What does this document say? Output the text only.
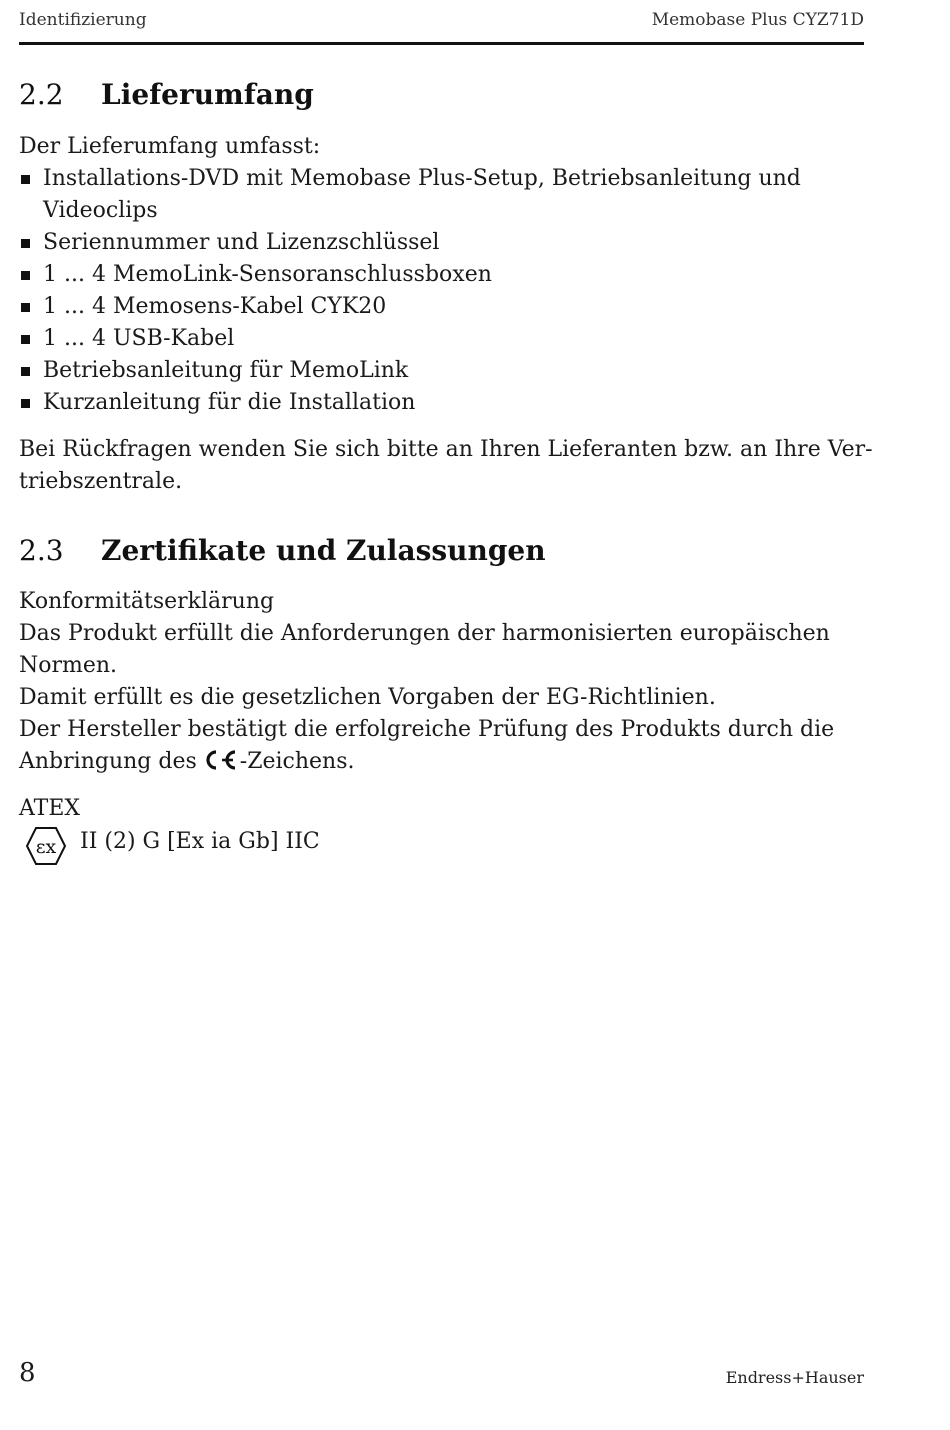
Identifizierung	Memobase Plus CYZ71D
2.2 Lieferumfang
Der Lieferumfang umfasst:
Installations-DVD mit Memobase Plus-Setup, Betriebsanleitung und
Videoclips
Seriennummer und Lizenzschlüssel
1 ... 4 MemoLink-Sensoranschlussboxen
1 ... 4 Memosens-Kabel CYK20
1 ... 4 USB-Kabel
Betriebsanleitung für MemoLink
Kurzanleitung für die Installation
Bei Rückfragen wenden Sie sich bitte an Ihren Lieferanten bzw. an Ihre Ver-
triebszentrale.
2.3 Zertifikate und Zulassungen
Konformitätserklärung
Das Produkt erfüllt die Anforderungen der harmonisierten europäischen
Normen.
Damit erfüllt es die gesetzlichen Vorgaben der EG-Richtlinien.
Der Hersteller bestätigt die erfolgreiche Prüfung des Produkts durch die
Anbringung des -Zeichens.
ATEX
εx II (2) G [Ex ia Gb] IIC
8	Endress+Hauser
